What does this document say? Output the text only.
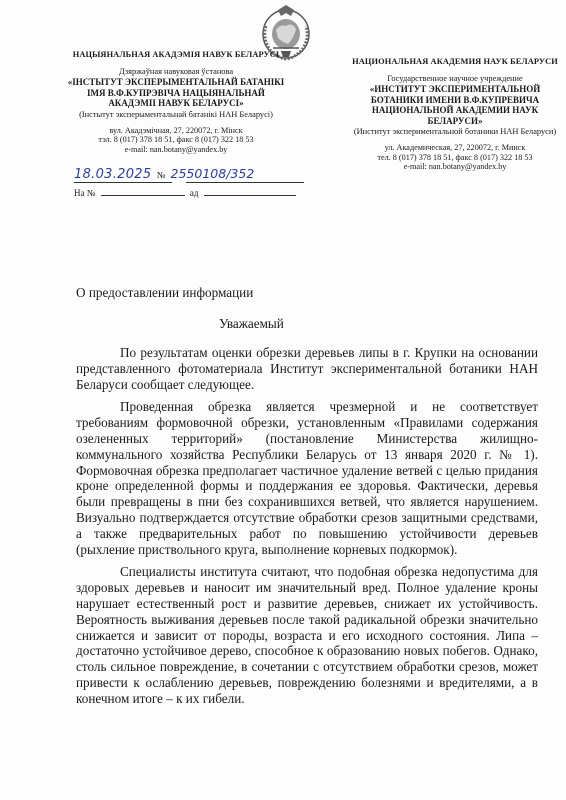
НАЦЫЯНАЛЬНАЯ АКАДЭМІЯ НАВУК БЕЛАРУСІ
Дзяржаўная навуковая ўстанова
«ІНСТЫТУТ ЭКСПЕРЫМЕНТАЛЬНАЙ БАТАНІКІ ІМЯ В.Ф.КУПРЭВІЧА НАЦЫЯНАЛЬНАЙ АКАДЭМІІ НАВУК БЕЛАРУСІ»
(Інстытут эксперыментальнай батанікі НАН Беларусі)
вул. Акадэмічная, 27, 220072, г. Мінск
тэл. 8 (017) 378 18 51, факс 8 (017) 322 18 53
e-mail: nan.botany@yandex.by
НАЦИОНАЛЬНАЯ АКАДЕМИЯ НАУК БЕЛАРУСИ
Государственное научное учреждение
«ИНСТИТУТ ЭКСПЕРИМЕНТАЛЬНОЙ БОТАНИКИ ИМЕНИ В.Ф.КУПРЕВИЧА НАЦИОНАЛЬНОЙ АКАДЕМИИ НАУК БЕЛАРУСИ»
(Институт экспериментальной ботаники НАН Беларуси)
ул. Академическая, 27, 220072, г. Минск
тел. 8 (017) 378 18 51, факс 8 (017) 322 18 53
e-mail: nan.botany@yandex.by
18.03.2025 № 2550108/352
На №	ад
О предоставлении информации
Уважаемый

По результатам оценки обрезки деревьев липы в г. Крупки на основании представленного фотоматериала Институт экспериментальной ботаники НАН Беларуси сообщает следующее.

Проведенная обрезка является чрезмерной и не соответствует требованиям формовочной обрезки, установленным «Правилами содержания озелененных территорий» (постановление Министерства жилищно-коммунального хозяйства Республики Беларусь от 13 января 2020 г. № 1). Формовочная обрезка предполагает частичное удаление ветвей с целью придания кроне определенной формы и поддержания ее здоровья. Фактически, деревья были превращены в пни без сохранившихся ветвей, что является нарушением. Визуально подтверждается отсутствие обработки срезов защитными средствами, а также предварительных работ по повышению устойчивости деревьев (рыхление приствольного круга, выполнение корневых подкормок).

Специалисты института считают, что подобная обрезка недопустима для здоровых деревьев и наносит им значительный вред. Полное удаление кроны нарушает естественный рост и развитие деревьев, снижает их устойчивость. Вероятность выживания деревьев после такой радикальной обрезки значительно снижается и зависит от породы, возраста и его исходного состояния. Липа – достаточно устойчивое дерево, способное к образованию новых побегов. Однако, столь сильное повреждение, в сочетании с отсутствием обработки срезов, может привести к ослаблению деревьев, повреждению болезнями и вредителями, а в конечном итоге – к их гибели.
